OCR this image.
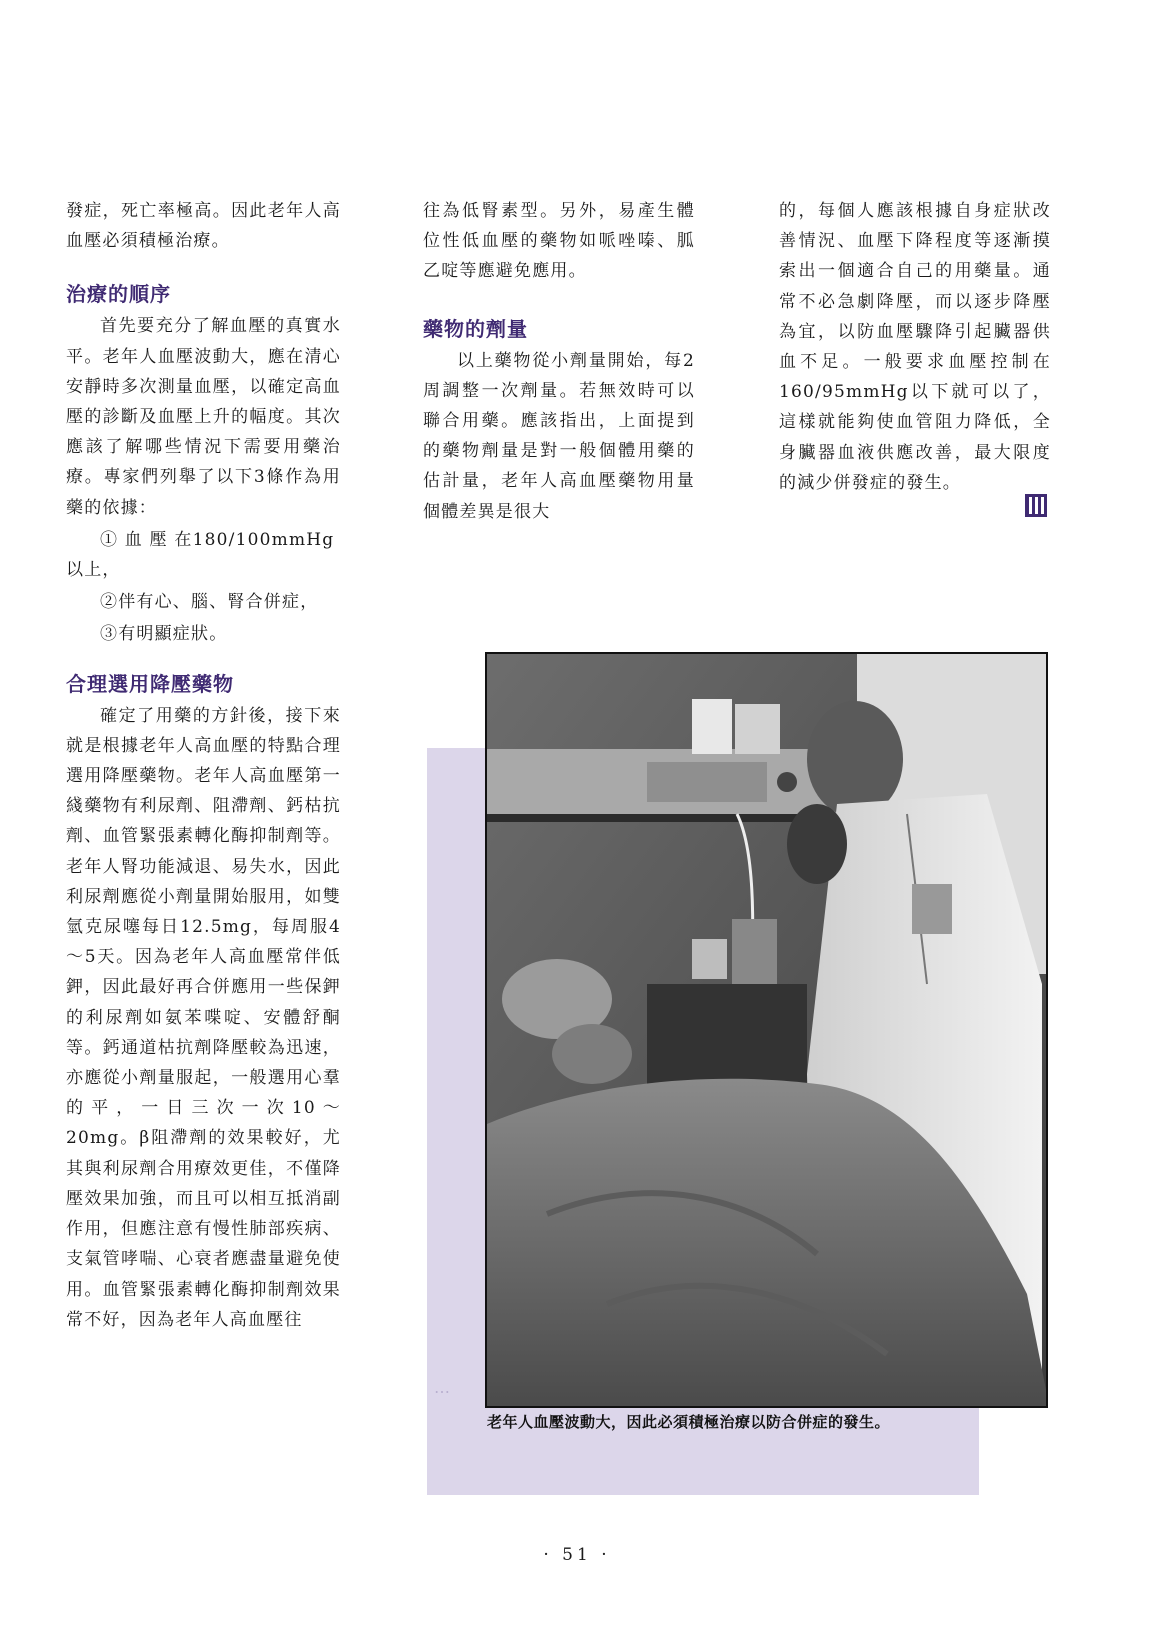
⋯

發症，死亡率極高。因此老年人高血壓必須積極治療。

治療的順序

首先要充分了解血壓的真實水平。老年人血壓波動大，應在清心安靜時多次測量血壓，以確定高血壓的診斷及血壓上升的幅度。其次應該了解哪些情況下需要用藥治療。專家們列舉了以下3條作為用藥的依據：

① 血 壓 在180/100mmHg以上，

②伴有心、腦、腎合併症，

③有明顯症狀。

合理選用降壓藥物

確定了用藥的方針後，接下來就是根據老年人高血壓的特點合理選用降壓藥物。老年人高血壓第一綫藥物有利尿劑、阻滯劑、鈣枯抗劑、血管緊張素轉化酶抑制劑等。老年人腎功能減退、易失水，因此利尿劑應從小劑量開始服用，如雙氫克尿噻每日12.5mg，每周服4～5天。因為老年人高血壓常伴低鉀，因此最好再合併應用一些保鉀的利尿劑如氨苯喋啶、安體舒酮等。鈣通道枯抗劑降壓較為迅速，亦應從小劑量服起，一般選用心羣的平，一日三次一次10～20mg。β阻滯劑的效果較好，尤其與利尿劑合用療效更佳，不僅降壓效果加強，而且可以相互抵消副作用，但應注意有慢性肺部疾病、支氣管哮喘、心衰者應盡量避免使用。血管緊張素轉化酶抑制劑效果常不好，因為老年人高血壓往

往為低腎素型。另外，易產生體位性低血壓的藥物如哌唑嗪、胍乙啶等應避免應用。

藥物的劑量

以上藥物從小劑量開始，每2周調整一次劑量。若無效時可以聯合用藥。應該指出，上面提到的藥物劑量是對一般個體用藥的估計量，老年人高血壓藥物用量個體差異是很大

的，每個人應該根據自身症狀改善情況、血壓下降程度等逐漸摸索出一個適合自己的用藥量。通常不必急劇降壓，而以逐步降壓為宜，以防血壓驟降引起臟器供血不足。一般要求血壓控制在160/95mmHg以下就可以了，這樣就能夠使血管阻力降低，全身臟器血液供應改善，最大限度的減少併發症的發生。

老年人血壓波動大，因此必須積極治療以防合併症的發生。
· 51 ·
